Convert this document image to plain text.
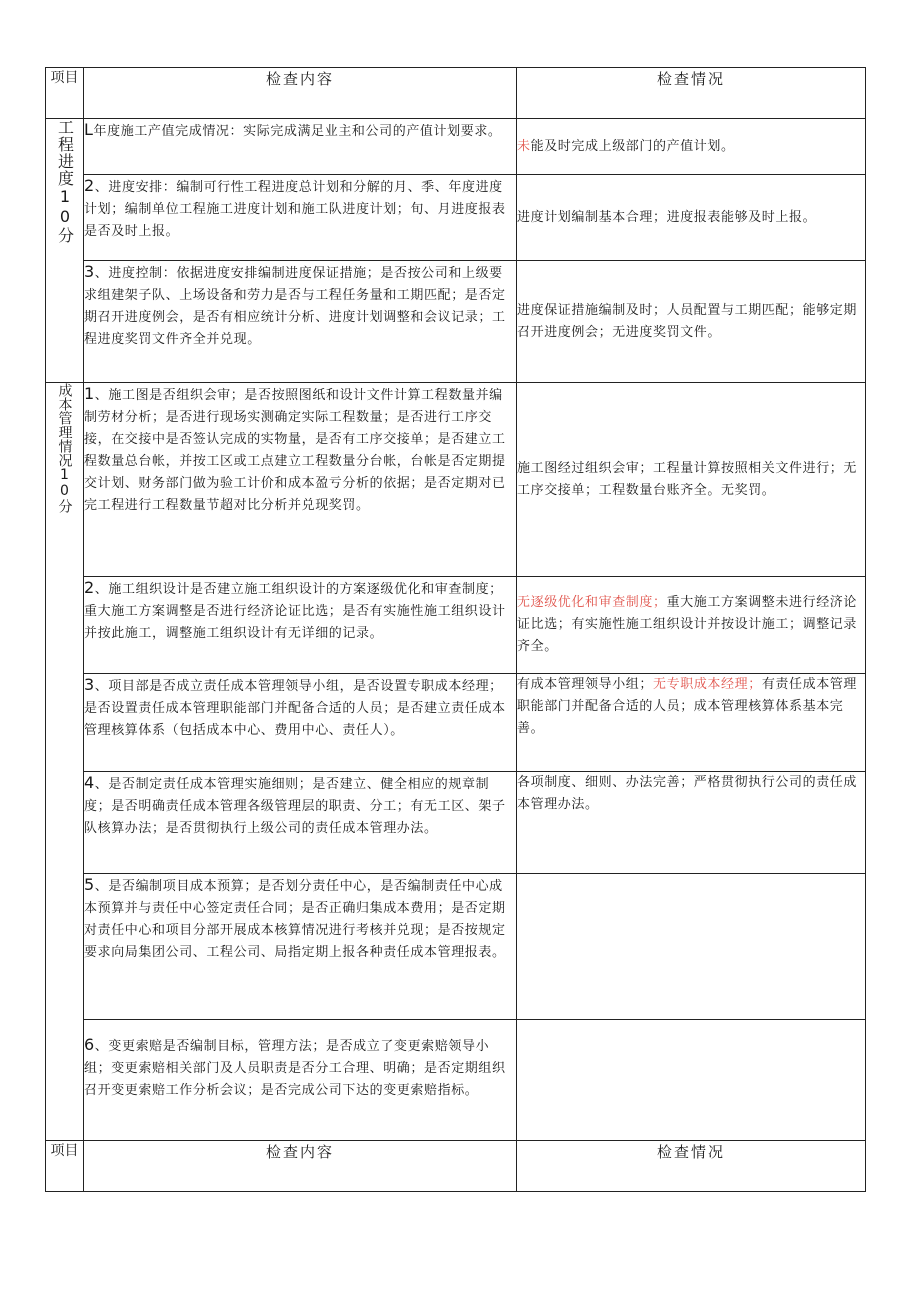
项目	检查内容	检查情况

工程进度10分	L年度施工产值完成情况：实际完成满足业主和公司的产值计划要求。	未能及时完成上级部门的产值计划。
	2、进度安排：编制可行性工程进度总计划和分解的月、季、年度进度计划；编制单位工程施工进度计划和施工队进度计划；旬、月进度报表是否及时上报。	进度计划编制基本合理；进度报表能够及时上报。
	3、进度控制：依据进度安排编制进度保证措施；是否按公司和上级要求组建架子队、上场设备和劳力是否与工程任务量和工期匹配；是否定期召开进度例会，是否有相应统计分析、进度计划调整和会议记录；工程进度奖罚文件齐全并兑现。	进度保证措施编制及时；人员配置与工期匹配；能够定期召开进度例会；无进度奖罚文件。

成本管理情况10分	1、施工图是否组织会审；是否按照图纸和设计文件计算工程数量并编制劳材分析；是否进行现场实测确定实际工程数量；是否进行工序交接，在交接中是否签认完成的实物量，是否有工序交接单；是否建立工程数量总台帐，并按工区或工点建立工程数量分台帐，台帐是否定期提交计划、财务部门做为验工计价和成本盈亏分析的依据；是否定期对已完工程进行工程数量节超对比分析并兑现奖罚。	施工图经过组织会审；工程量计算按照相关文件进行；无工序交接单；工程数量台账齐全。无奖罚。
	2、施工组织设计是否建立施工组织设计的方案逐级优化和审查制度；重大施工方案调整是否进行经济论证比选；是否有实施性施工组织设计并按此施工，调整施工组织设计有无详细的记录。	无逐级优化和审查制度；重大施工方案调整未进行经济论证比选；有实施性施工组织设计并按设计施工；调整记录齐全。
	3、项目部是否成立责任成本管理领导小组，是否设置专职成本经理；是否设置责任成本管理职能部门并配备合适的人员；是否建立责任成本管理核算体系（包括成本中心、费用中心、责任人）。	有成本管理领导小组；无专职成本经理；有责任成本管理职能部门并配备合适的人员；成本管理核算体系基本完善。
	4、是否制定责任成本管理实施细则；是否建立、健全相应的规章制度；是否明确责任成本管理各级管理层的职责、分工；有无工区、架子队核算办法；是否贯彻执行上级公司的责任成本管理办法。	各项制度、细则、办法完善；严格贯彻执行公司的责任成本管理办法。
	5、是否编制项目成本预算；是否划分责任中心，是否编制责任中心成本预算并与责任中心签定责任合同；是否正确归集成本费用；是否定期对责任中心和项目分部开展成本核算情况进行考核并兑现；是否按规定要求向局集团公司、工程公司、局指定期上报各种责任成本管理报表。	
	6、变更索赔是否编制目标，管理方法；是否成立了变更索赔领导小组；变更索赔相关部门及人员职责是否分工合理、明确；是否定期组织召开变更索赔工作分析会议；是否完成公司下达的变更索赔指标。	
项目	检查内容	检查情况
